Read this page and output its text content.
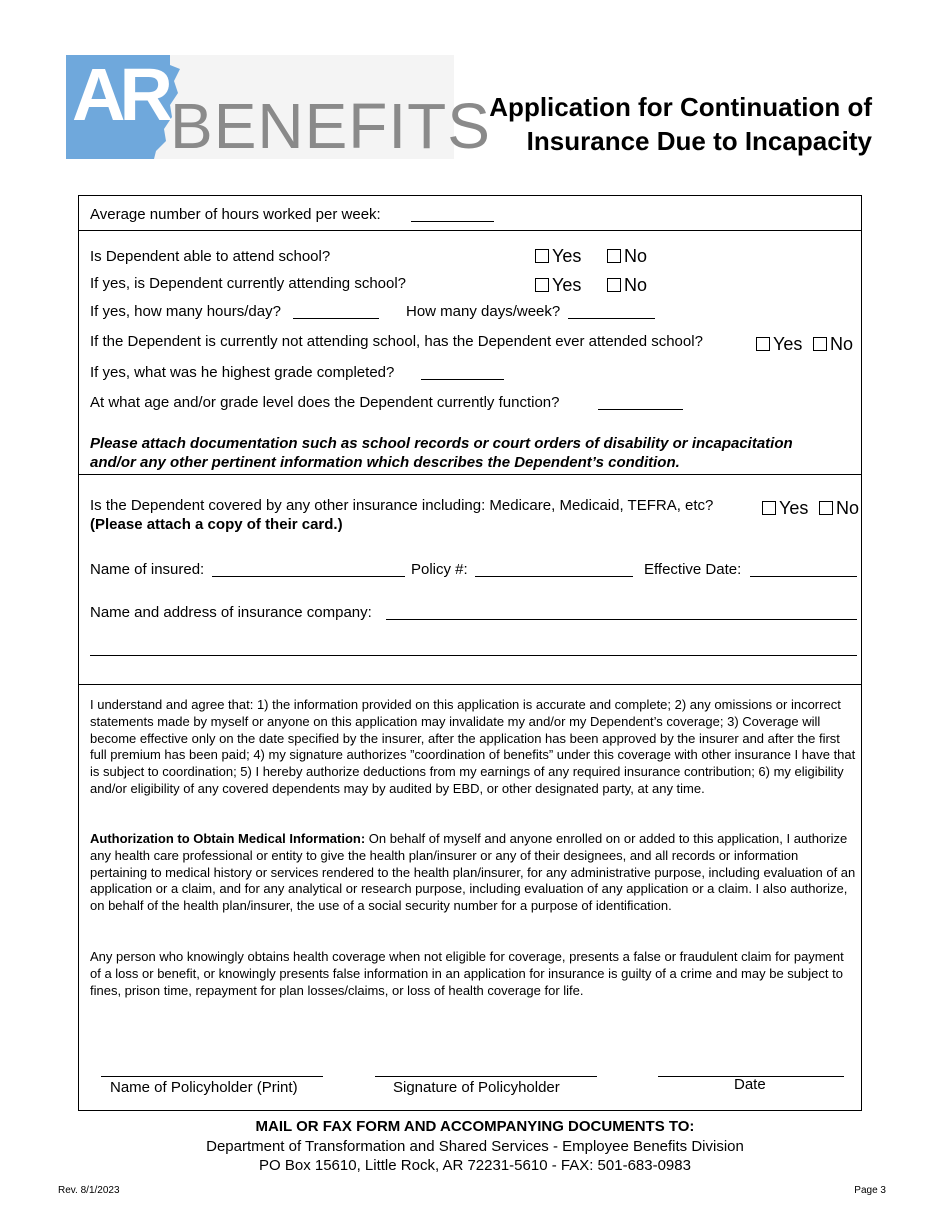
AR BENEFITS
Application for Continuation of
Insurance Due to Incapacity
Average number of hours worked per week:
Is Dependent able to attend school?	Yes	No
If yes, is Dependent currently attending school?	Yes	No
If yes, how many hours/day?	How many days/week?
If the Dependent is currently not attending school, has the Dependent ever attended school?	Yes	No
If yes, what was he highest grade completed?
At what age and/or grade level does the Dependent currently function?
Please attach documentation such as school records or court orders of disability or incapacitation
and/or any other pertinent information which describes the Dependent’s condition.
Is the Dependent covered by any other insurance including: Medicare, Medicaid, TEFRA, etc?	Yes	No
(Please attach a copy of their card.)
Name of insured:	Policy #:	Effective Date:
Name and address of insurance company:

I understand and agree that: 1) the information provided on this application is accurate and complete; 2) any omissions or incorrect statements made by myself or anyone on this application may invalidate my and/or my Dependent’s coverage; 3) Coverage will become effective only on the date specified by the insurer, after the application has been approved by the insurer and after the first full premium has been paid; 4) my signature authorizes ”coordination of benefits” under this coverage with other insurance I have that is subject to coordination; 5) I hereby authorize deductions from my earnings of any required insurance contribution; 6) my eligibility and/or eligibility of any covered dependents may by audited by EBD, or other designated party, at any time.

Authorization to Obtain Medical Information: On behalf of myself and anyone enrolled on or added to this application, I authorize any health care professional or entity to give the health plan/insurer or any of their designees, and all records or information pertaining to medical history or services rendered to the health plan/insurer, for any administrative purpose, including evaluation of an application or a claim, and for any analytical or research purpose, including evaluation of any application or a claim. I also authorize, on behalf of the health plan/insurer, the use of a social security number for a purpose of identification.

Any person who knowingly obtains health coverage when not eligible for coverage, presents a false or fraudulent claim for payment of a loss or benefit, or knowingly presents false information in an application for insurance is guilty of a crime and may be subject to fines, prison time, repayment for plan losses/claims, or loss of health coverage for life.

Name of Policyholder (Print)	Signature of Policyholder	Date
MAIL OR FAX FORM AND ACCOMPANYING DOCUMENTS TO:
Department of Transformation and Shared Services - Employee Benefits Division
PO Box 15610, Little Rock, AR 72231-5610 - FAX: 501-683-0983
Rev. 8/1/2023	Page 3
